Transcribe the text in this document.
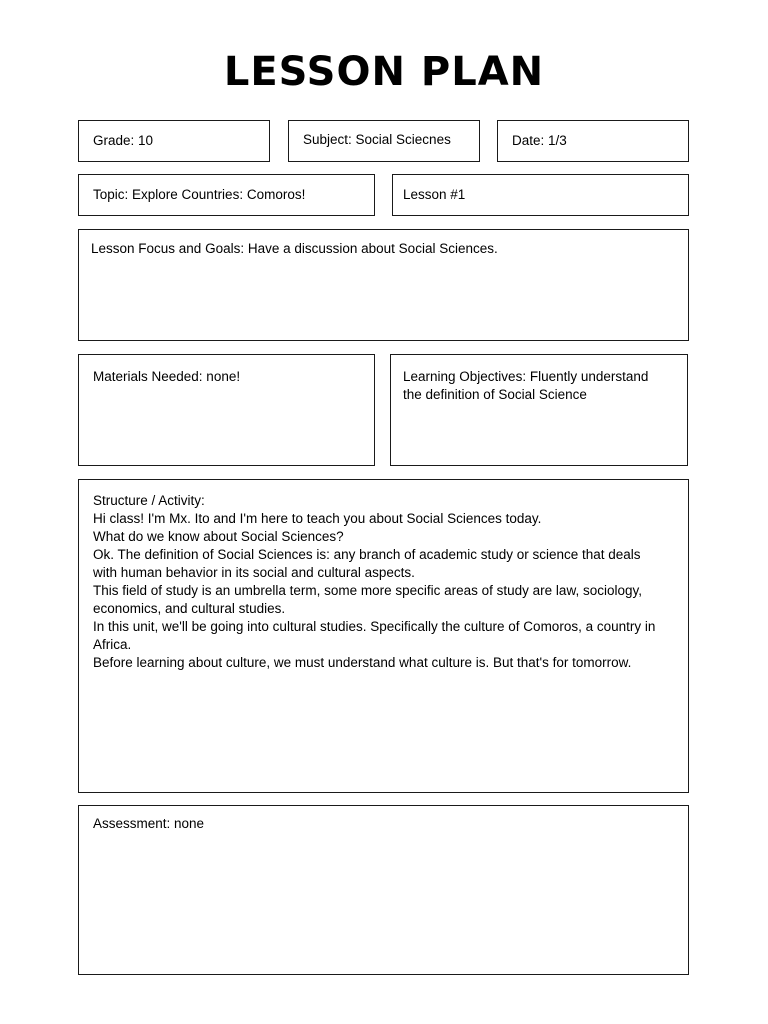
LESSON PLAN
Grade: 10	Subject: Social Sciecnes	Date: 1/3
Topic: Explore Countries: Comoros!	Lesson #1
Lesson Focus and Goals: Have a discussion about Social Sciences.
Materials Needed: none!	Learning Objectives: Fluently understand the definition of Social Science
Structure / Activity:
Hi class! I'm Mx. Ito and I'm here to teach you about Social Sciences today.
What do we know about Social Sciences?
Ok. The definition of Social Sciences is: any branch of academic study or science that deals with human behavior in its social and cultural aspects.
This field of study is an umbrella term, some more specific areas of study are law, sociology, economics, and cultural studies.
In this unit, we'll be going into cultural studies. Specifically the culture of Comoros, a country in Africa.
Before learning about culture, we must understand what culture is. But that's for tomorrow.
Assessment: none
